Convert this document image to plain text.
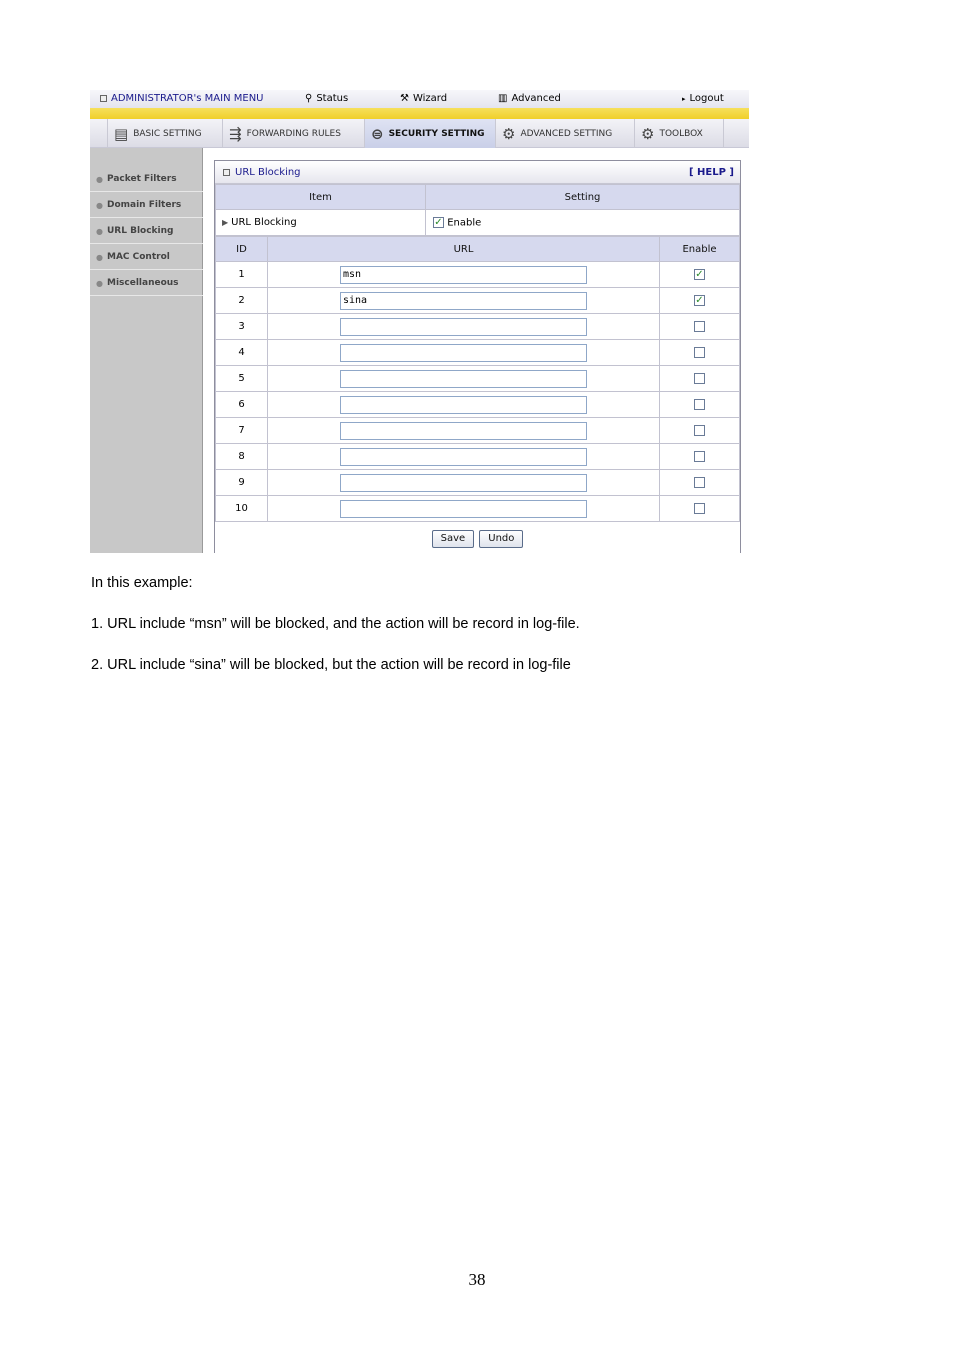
ADMINISTRATOR's MAIN MENU	⚲ Status	⚒ Wizard	▥ Advanced	▸ Logout
▤ BASIC SETTING ⇶ FORWARDING RULES ⊜ SECURITY SETTING ⚙ ADVANCED SETTING ⚙ TOOLBOX
● Packet Filters
● Domain Filters
● URL Blocking
● MAC Control
● Miscellaneous
URL Blocking	[ HELP ]
Item	Setting
▶ URL Blocking	✓ Enable
ID	URL	Enable
1	msn	✓
2	sina	✓
3		
4		
5		
6		
7		
8		
9		
10		
Save Undo
In this example:
1. URL include “msn” will be blocked, and the action will be record in log-file.
2. URL include “sina” will be blocked, but the action will be record in log-file
38
